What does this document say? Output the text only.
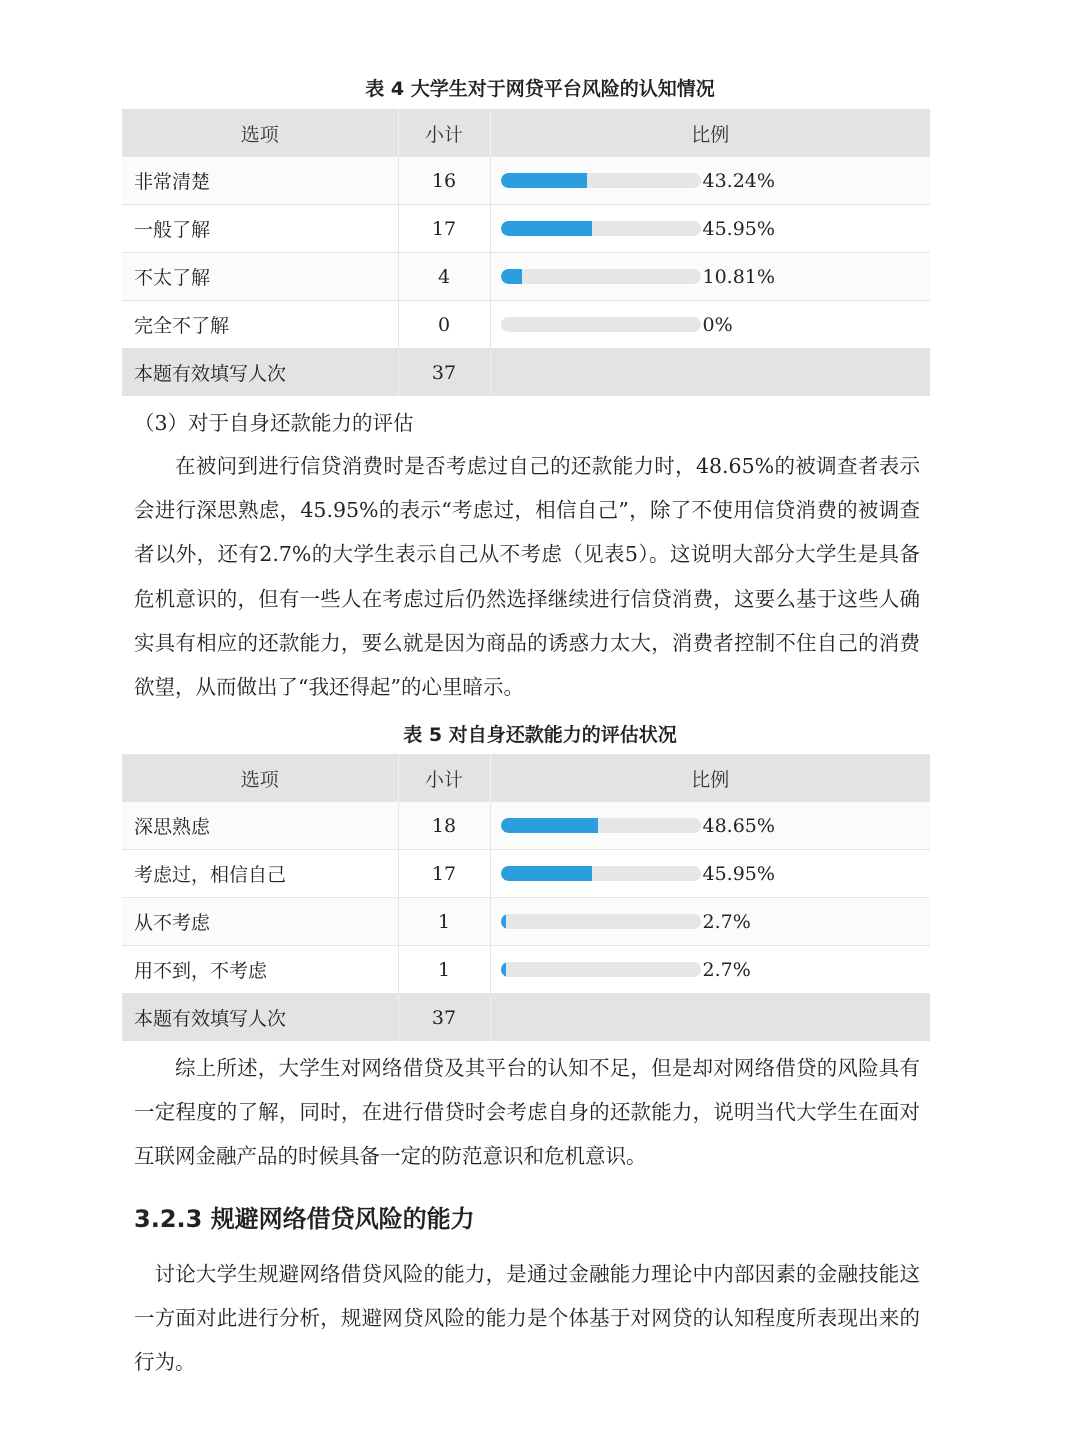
表 4 大学生对于网贷平台风险的认知情况
选项	小计	比例
非常清楚	16	43.24%

一般了解	17	45.95%

不太了解	4	10.81%

完全不了解	0	0%

本题有效填写人次	37	
（3）对于自身还款能力的评估
在被问到进行信贷消费时是否考虑过自己的还款能力时，48.65%的被调查者表示会进行深思熟虑，45.95%的表示“考虑过，相信自己”，除了不使用信贷消费的被调查者以外，还有2.7%的大学生表示自己从不考虑（见表5）。这说明大部分大学生是具备危机意识的，但有一些人在考虑过后仍然选择继续进行信贷消费，这要么基于这些人确实具有相应的还款能力，要么就是因为商品的诱惑力太大，消费者控制不住自己的消费欲望，从而做出了“我还得起”的心里暗示。
表 5 对自身还款能力的评估状况
选项	小计	比例
深思熟虑	18	48.65%

考虑过，相信自己	17	45.95%

从不考虑	1	2.7%

用不到，不考虑	1	2.7%

本题有效填写人次	37	
综上所述，大学生对网络借贷及其平台的认知不足，但是却对网络借贷的风险具有一定程度的了解，同时，在进行借贷时会考虑自身的还款能力，说明当代大学生在面对互联网金融产品的时候具备一定的防范意识和危机意识。
3.2.3 规避网络借贷风险的能力
讨论大学生规避网络借贷风险的能力，是通过金融能力理论中内部因素的金融技能这一方面对此进行分析，规避网贷风险的能力是个体基于对网贷的认知程度所表现出来的行为。
